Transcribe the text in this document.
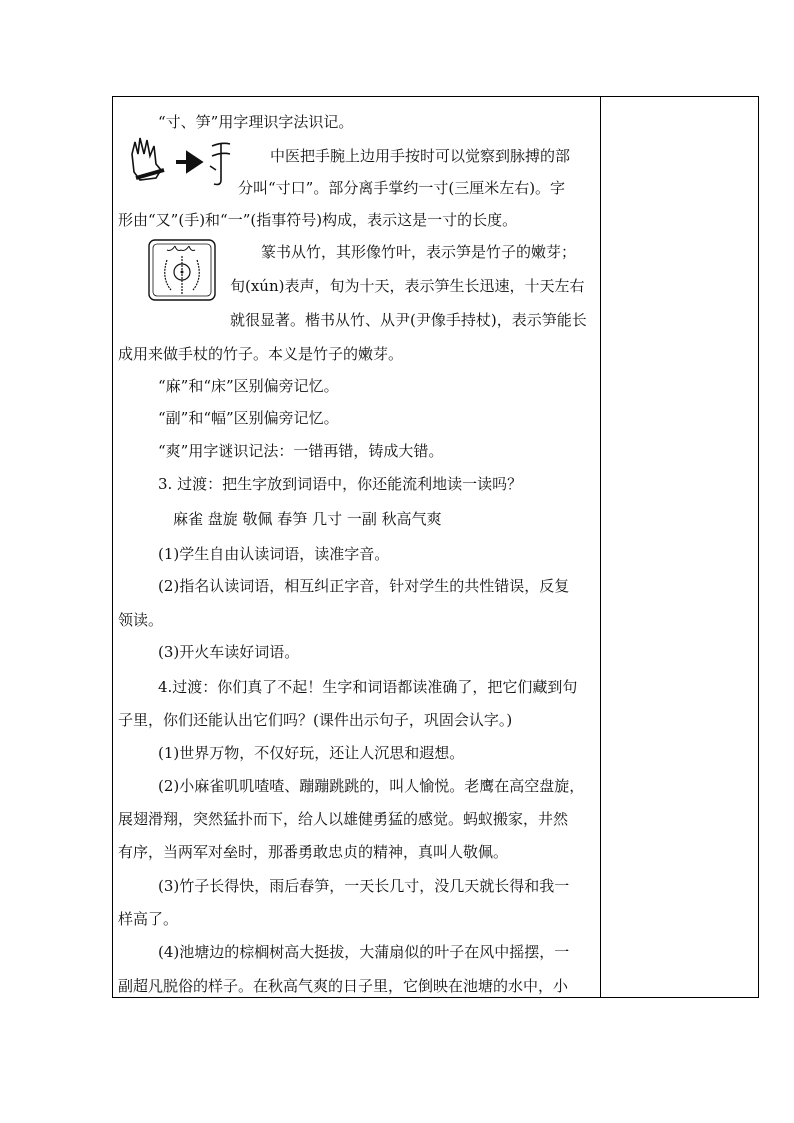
“寸、笋”用字理识字法识记。
中医把手腕上边用手按时可以觉察到脉搏的部
分叫“寸口”。部分离手掌约一寸(三厘米左右)。字
形由“又”(手)和“一”(指事符号)构成，表示这是一寸的长度。
篆书从竹，其形像竹叶，表示笋是竹子的嫩芽；
旬(xún)表声，旬为十天，表示笋生长迅速，十天左右
就很显著。楷书从竹、从尹(尹像手持杖)，表示笋能长
成用来做手杖的竹子。本义是竹子的嫩芽。
“麻”和“床”区别偏旁记忆。
“副”和“幅”区别偏旁记忆。
“爽”用字谜识记法：一错再错，铸成大错。
3. 过渡：把生字放到词语中，你还能流利地读一读吗？
麻雀 盘旋 敬佩 春笋 几寸 一副 秋高气爽
(1)学生自由认读词语，读准字音。
(2)指名认读词语，相互纠正字音，针对学生的共性错误，反复
领读。
(3)开火车读好词语。
4.过渡：你们真了不起！生字和词语都读准确了，把它们藏到句
子里，你们还能认出它们吗？(课件出示句子，巩固会认字。)
(1)世界万物，不仅好玩，还让人沉思和遐想。
(2)小麻雀叽叽喳喳、蹦蹦跳跳的，叫人愉悦。老鹰在高空盘旋，
展翅滑翔，突然猛扑而下，给人以雄健勇猛的感觉。蚂蚁搬家，井然
有序，当两军对垒时，那番勇敢忠贞的精神，真叫人敬佩。
(3)竹子长得快，雨后春笋，一天长几寸，没几天就长得和我一
样高了。
(4)池塘边的棕榈树高大挺拔，大蒲扇似的叶子在风中摇摆，一
副超凡脱俗的样子。在秋高气爽的日子里，它倒映在池塘的水中，小
